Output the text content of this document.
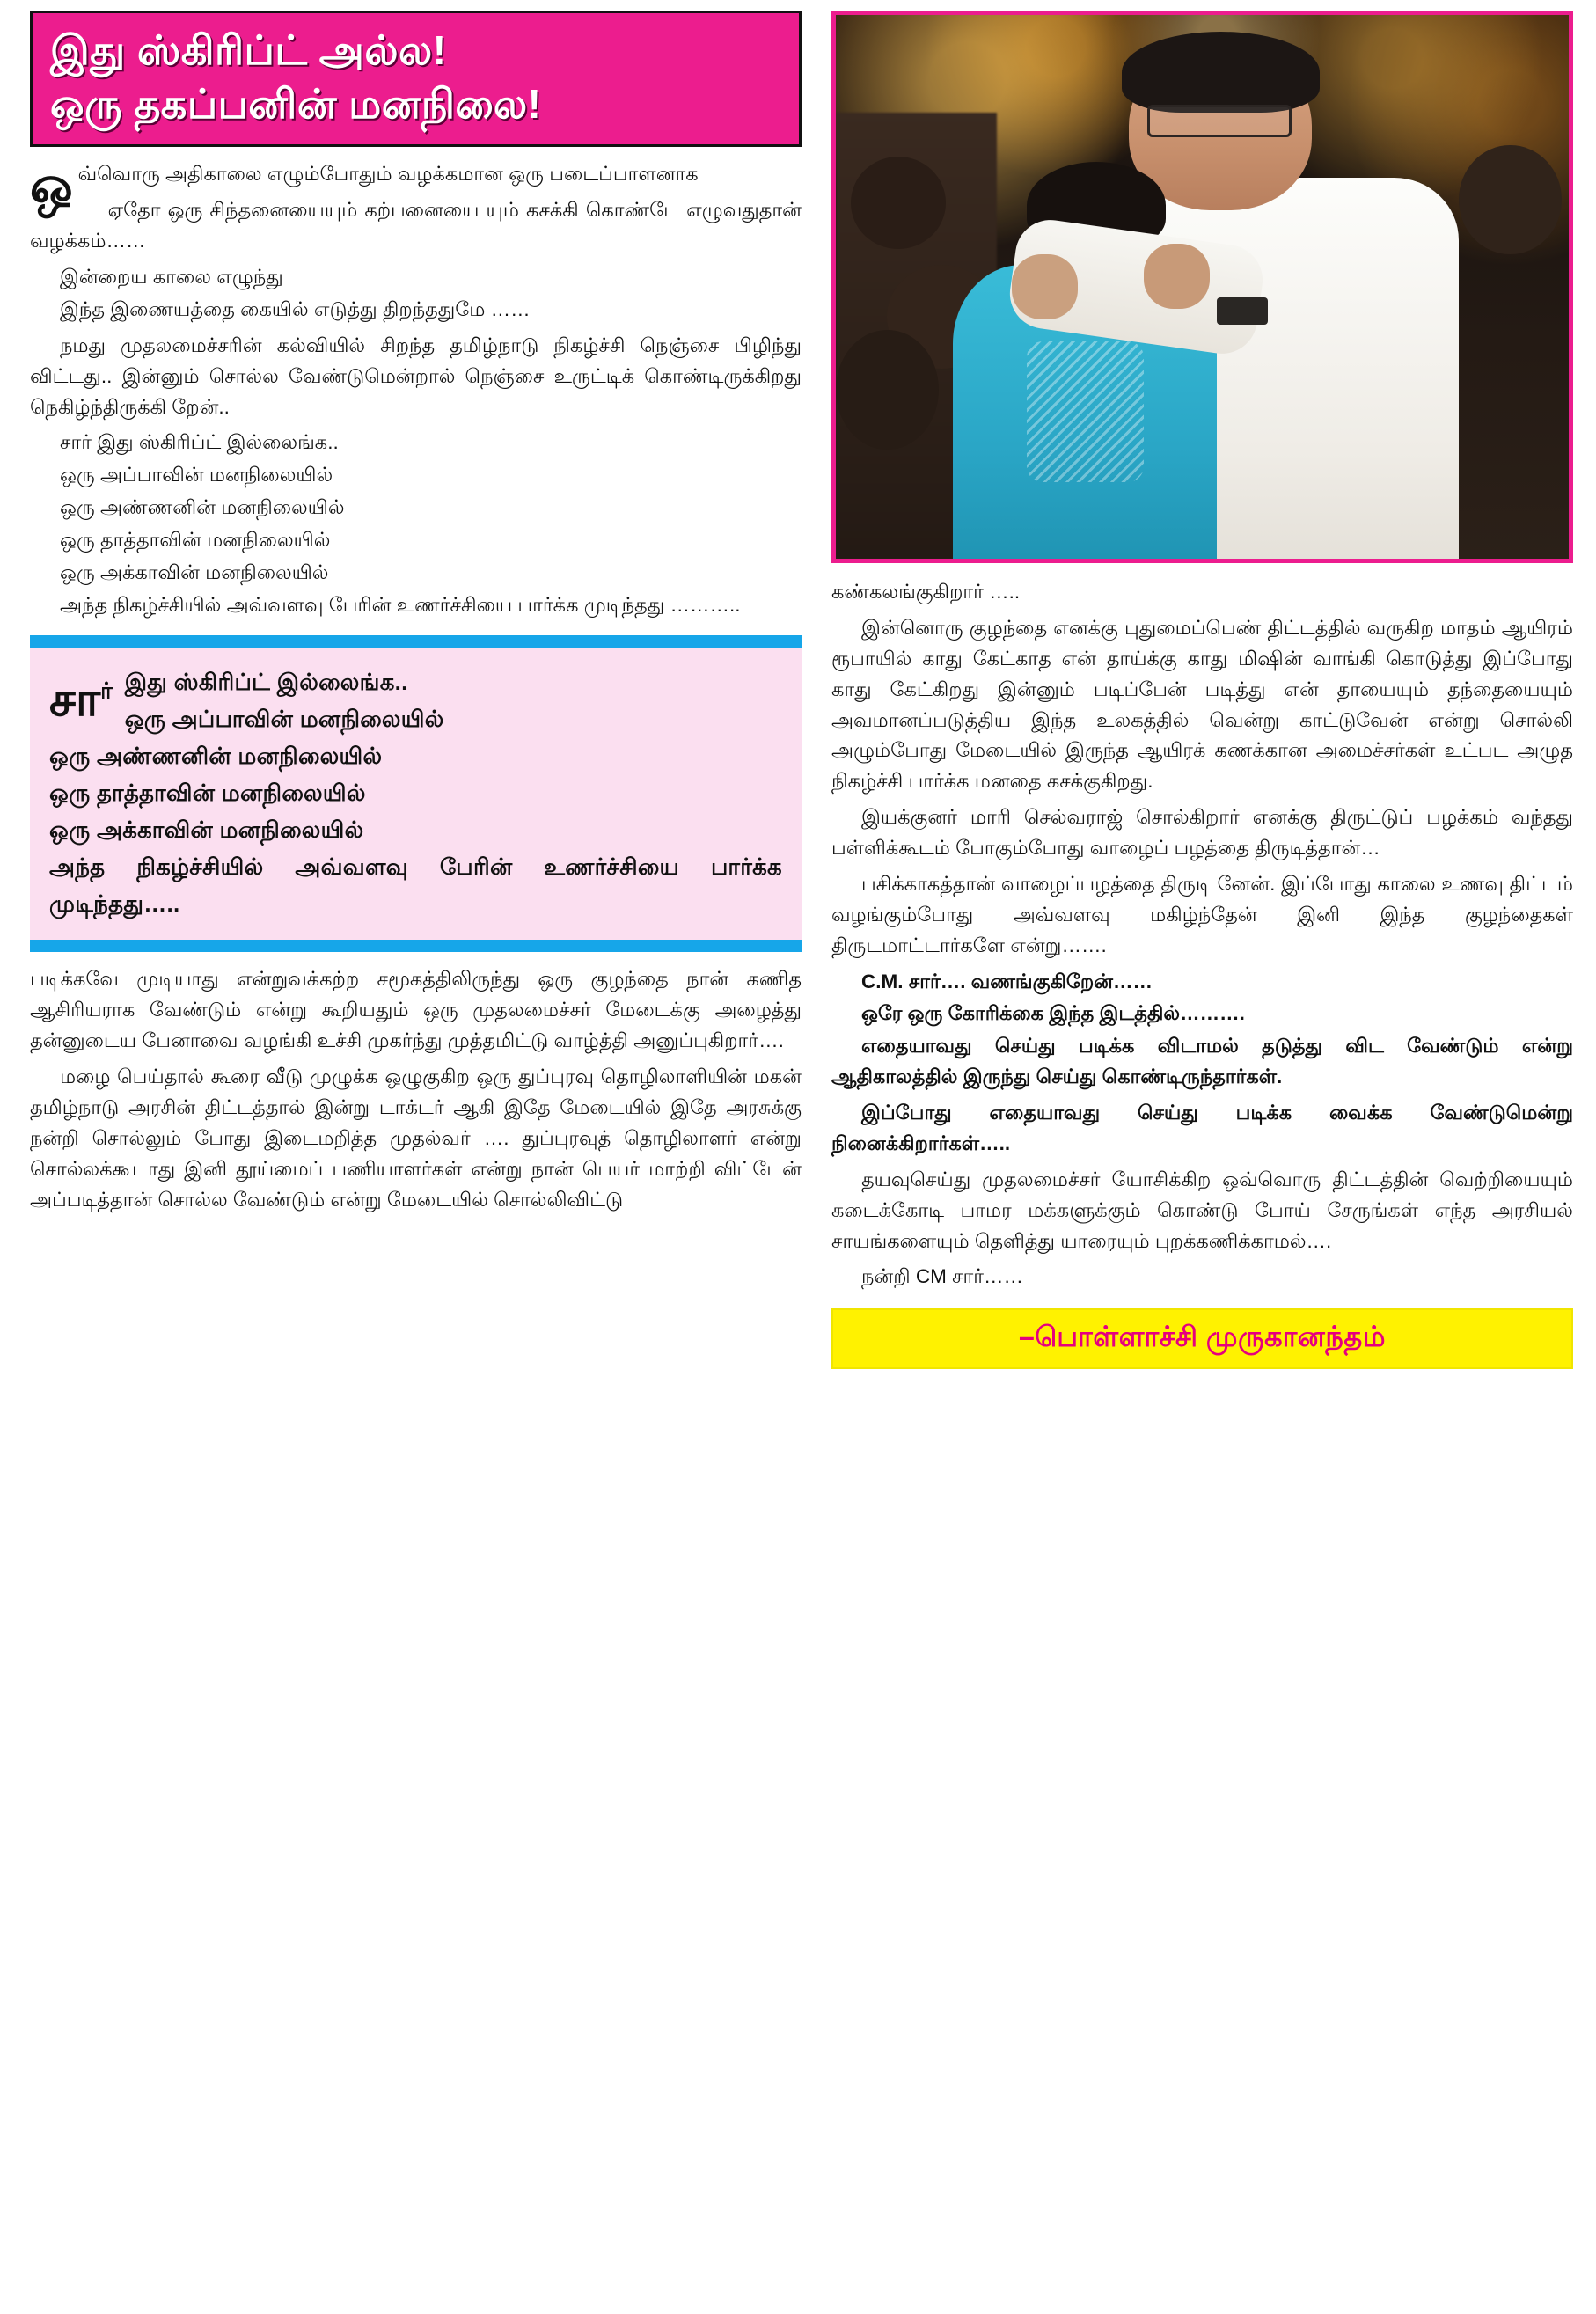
இது ஸ்கிரிப்ட் அல்ல!
ஒரு தகப்பனின் மனநிலை!

ஒ வ்வொரு அதிகாலை எழும்போதும் வழக்கமான ஒரு படைப்பாளனாக

ஏதோ ஒரு சிந்தனையையும் கற்பனையை யும் கசக்கி கொண்டே எழுவதுதான் வழக்கம்……

இன்றைய காலை எழுந்து

இந்த இணையத்தை கையில் எடுத்து திறந்ததுமே ……

நமது முதலமைச்சரின் கல்வியில் சிறந்த தமிழ்நாடு நிகழ்ச்சி நெஞ்சை பிழிந்து விட்டது.. இன்னும் சொல்ல வேண்டுமென்றால் நெஞ்சை உருட்டிக் கொண்டிருக்கிறது நெகிழ்ந்திருக்கி றேன்..

சார் இது ஸ்கிரிப்ட் இல்லைங்க..

ஒரு அப்பாவின் மனநிலையில்

ஒரு அண்ணனின் மனநிலையில்

ஒரு தாத்தாவின் மனநிலையில்

ஒரு அக்காவின் மனநிலையில்

அந்த நிகழ்ச்சியில் அவ்வளவு பேரின் உணர்ச்சியை பார்க்க முடிந்தது ………..

சா$^{ர்}$ இது ஸ்கிரிப்ட் இல்லைங்க..

ஒரு அப்பாவின் மனநிலையில்

ஒரு அண்ணனின் மனநிலையில்

ஒரு தாத்தாவின் மனநிலையில்

ஒரு அக்காவின் மனநிலையில்

அந்த நிகழ்ச்சியில் அவ்வளவு பேரின் உணர்ச்சியை பார்க்க முடிந்தது…..

படிக்கவே முடியாது என்றுவக்கற்ற சமூகத்திலிருந்து ஒரு குழந்தை நான் கணித ஆசிரியராக வேண்டும் என்று கூறியதும் ஒரு முதலமைச்சர் மேடைக்கு அழைத்து தன்னுடைய பேனாவை வழங்கி உச்சி முகர்ந்து முத்தமிட்டு வாழ்த்தி அனுப்புகிறார்….

மழை பெய்தால் கூரை வீடு முழுக்க ஒழுகுகிற ஒரு துப்புரவு தொழிலாளியின் மகன் தமிழ்நாடு அரசின் திட்டத்தால் இன்று டாக்டர் ஆகி இதே மேடையில் இதே அரசுக்கு நன்றி சொல்லும் போது இடைமறித்த முதல்வர் …. துப்புரவுத் தொழிலாளர் என்று சொல்லக்கூடாது இனி தூய்மைப் பணியாளர்கள் என்று நான் பெயர் மாற்றி விட்டேன் அப்படித்தான் சொல்ல வேண்டும் என்று மேடையில் சொல்லிவிட்டு

கண்கலங்குகிறார் …..

இன்னொரு குழந்தை எனக்கு புதுமைப்பெண் திட்டத்தில் வருகிற மாதம் ஆயிரம் ரூபாயில் காது கேட்காத என் தாய்க்கு காது மிஷின் வாங்கி கொடுத்து இப்போது காது கேட்கிறது இன்னும் படிப்பேன் படித்து என் தாயையும் தந்தையையும் அவமானப்படுத்திய இந்த உலகத்தில் வென்று காட்டுவேன் என்று சொல்லி அழும்போது மேடையில் இருந்த ஆயிரக் கணக்கான அமைச்சர்கள் உட்பட அழுத நிகழ்ச்சி பார்க்க மனதை கசக்குகிறது.

இயக்குனர் மாரி செல்வராஜ் சொல்கிறார் எனக்கு திருட்டுப் பழக்கம் வந்தது பள்ளிக்கூடம் போகும்போது வாழைப் பழத்தை திருடித்தான்…

பசிக்காகத்தான் வாழைப்பழத்தை திருடி னேன். இப்போது காலை உணவு திட்டம் வழங்கும்போது அவ்வளவு மகிழ்ந்தேன் இனி இந்த குழந்தைகள் திருடமாட்டார்களே என்று…….

C.M. சார்…. வணங்குகிறேன்……

ஒரே ஒரு கோரிக்கை இந்த இடத்தில்……….

எதையாவது செய்து படிக்க விடாமல் தடுத்து விட வேண்டும் என்று ஆதிகாலத்தில் இருந்து செய்து கொண்டிருந்தார்கள்.

இப்போது எதையாவது செய்து படிக்க வைக்க வேண்டுமென்று நினைக்கிறார்கள்…..

தயவுசெய்து முதலமைச்சர் யோசிக்கிற ஒவ்வொரு திட்டத்தின் வெற்றியையும் கடைக்கோடி பாமர மக்களுக்கும் கொண்டு போய் சேருங்கள் எந்த அரசியல் சாயங்களையும் தெளித்து யாரையும் புறக்கணிக்காமல்….

நன்றி CM சார்……

–பொள்ளாச்சி முருகானந்தம்
